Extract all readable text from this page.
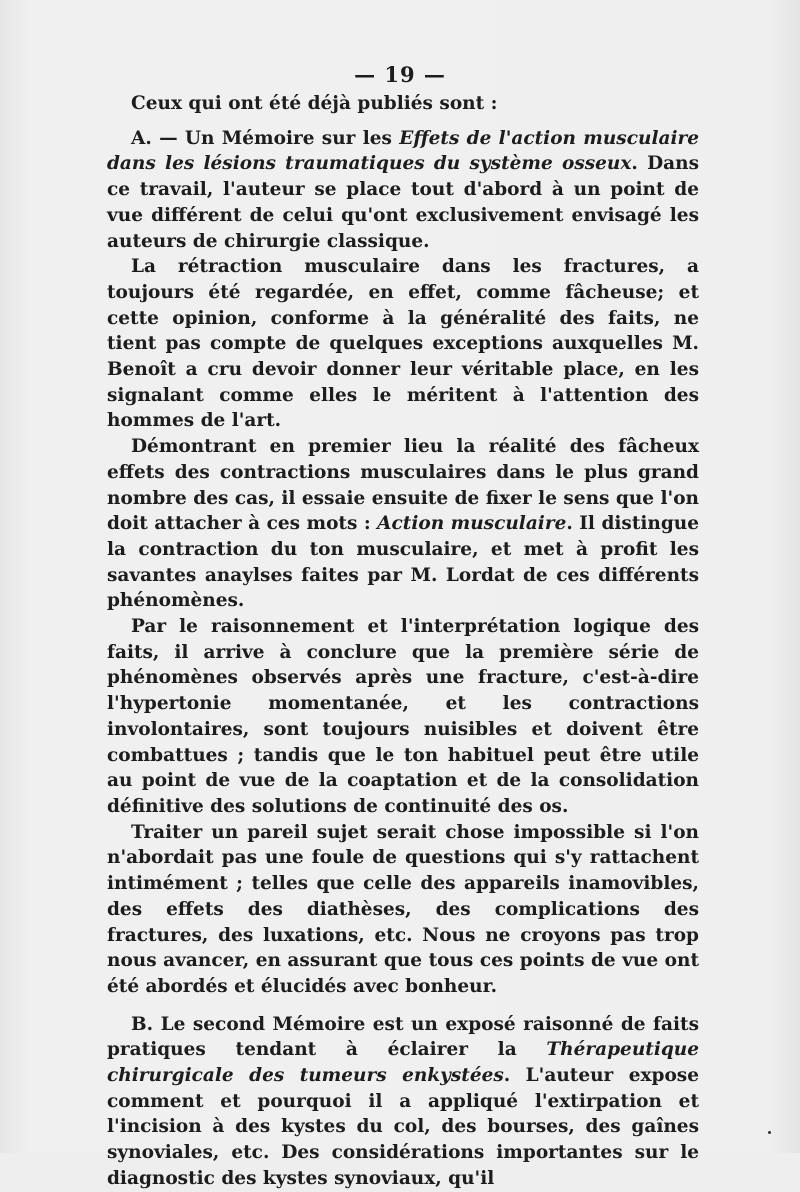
— 19 —

Ceux qui ont été déjà publiés sont :

A. — Un Mémoire sur les Effets de l'action musculaire dans les lésions traumatiques du système osseux. Dans ce travail, l'auteur se place tout d'abord à un point de vue différent de celui qu'ont exclusivement envisagé les auteurs de chirurgie classique.

La rétraction musculaire dans les fractures, a toujours été regardée, en effet, comme fâcheuse; et cette opinion, conforme à la généralité des faits, ne tient pas compte de quelques exceptions auxquelles M. Benoît a cru devoir donner leur véritable place, en les signalant comme elles le méritent à l'attention des hommes de l'art.

Démontrant en premier lieu la réalité des fâcheux effets des contractions musculaires dans le plus grand nombre des cas, il essaie ensuite de fixer le sens que l'on doit attacher à ces mots : Action musculaire. Il distingue la contraction du ton musculaire, et met à profit les savantes anaylses faites par M. Lordat de ces différents phénomènes.

Par le raisonnement et l'interprétation logique des faits, il arrive à conclure que la première série de phénomènes observés après une fracture, c'est-à-dire l'hypertonie momentanée, et les contractions involontaires, sont toujours nuisibles et doivent être combattues ; tandis que le ton habituel peut être utile au point de vue de la coaptation et de la consolidation définitive des solutions de continuité des os.

Traiter un pareil sujet serait chose impossible si l'on n'abordait pas une foule de questions qui s'y rattachent intimément ; telles que celle des appareils inamovibles, des effets des diathèses, des complications des fractures, des luxations, etc. Nous ne croyons pas trop nous avancer, en assurant que tous ces points de vue ont été abordés et élucidés avec bonheur.

B. Le second Mémoire est un exposé raisonné de faits pratiques tendant à éclairer la Thérapeutique chirurgicale des tumeurs enkystées. L'auteur expose comment et pourquoi il a appliqué l'extirpation et l'incision à des kystes du col, des bourses, des gaînes synoviales, etc. Des considérations importantes sur le diagnostic des kystes synoviaux, qu'il
